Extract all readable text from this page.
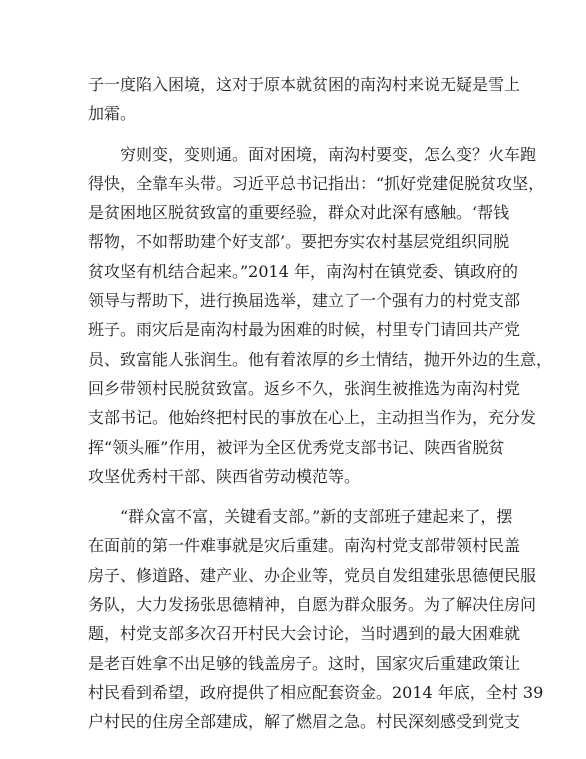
子一度陷入困境，这对于原本就贫困的南沟村来说无疑是雪上
加霜。
穷则变，变则通。面对困境，南沟村要变，怎么变？火车跑
得快，全靠车头带。习近平总书记指出：“抓好党建促脱贫攻坚，
是贫困地区脱贫致富的重要经验，群众对此深有感触。‘帮钱
帮物，不如帮助建个好支部’。要把夯实农村基层党组织同脱
贫攻坚有机结合起来。”2014 年，南沟村在镇党委、镇政府的
领导与帮助下，进行换届选举，建立了一个强有力的村党支部
班子。雨灾后是南沟村最为困难的时候，村里专门请回共产党
员、致富能人张润生。他有着浓厚的乡土情结，抛开外边的生意，
回乡带领村民脱贫致富。返乡不久，张润生被推选为南沟村党
支部书记。他始终把村民的事放在心上，主动担当作为，充分发
挥“领头雁”作用，被评为全区优秀党支部书记、陕西省脱贫
攻坚优秀村干部、陕西省劳动模范等。
“群众富不富，关键看支部。”新的支部班子建起来了，摆
在面前的第一件难事就是灾后重建。南沟村党支部带领村民盖
房子、修道路、建产业、办企业等，党员自发组建张思德便民服
务队，大力发扬张思德精神，自愿为群众服务。为了解决住房问
题，村党支部多次召开村民大会讨论，当时遇到的最大困难就
是老百姓拿不出足够的钱盖房子。这时，国家灾后重建政策让
村民看到希望，政府提供了相应配套资金。2014 年底，全村 39
户村民的住房全部建成，解了燃眉之急。村民深刻感受到党支
